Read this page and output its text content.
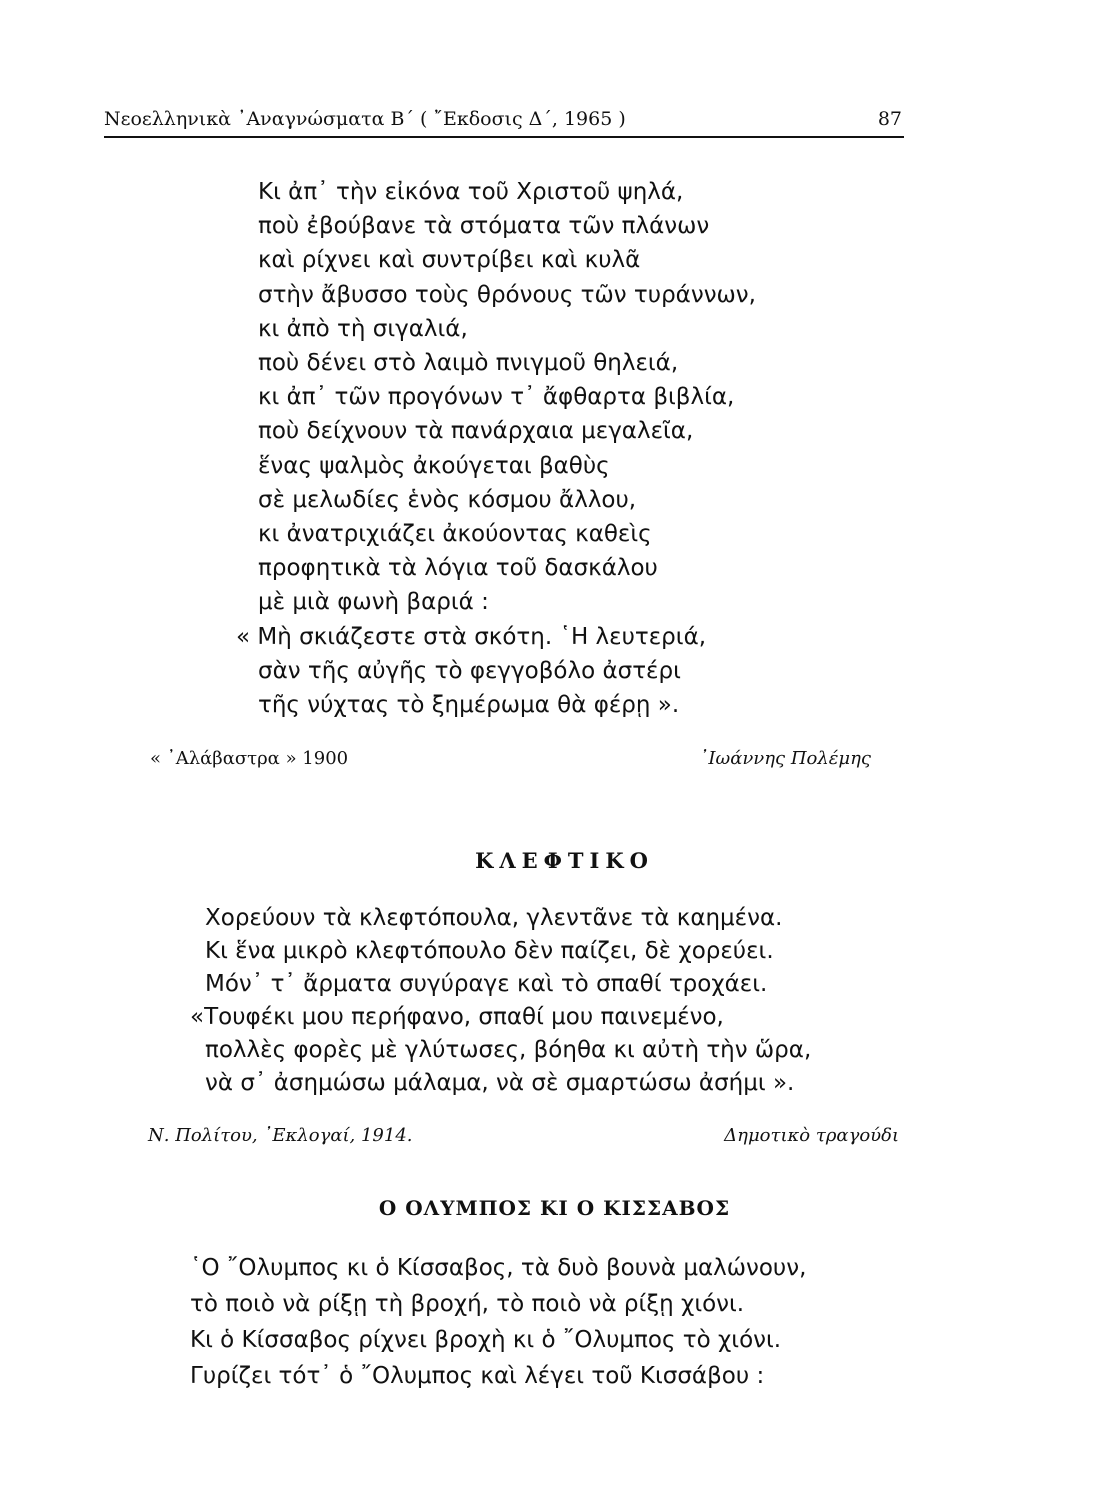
Νεοελληνικὰ ᾿Αναγνώσματα Β΄ ( ῎Εκδοσις Δ΄, 1965 )	87
Κι ἀπ᾿ τὴν εἰκόνα τοῦ Χριστοῦ ψηλά,
ποὺ ἐβούβανε τὰ στόματα τῶν πλάνων
καὶ ρίχνει καὶ συντρίβει καὶ κυλᾶ
στὴν ἄβυσσο τοὺς θρόνους τῶν τυράννων,
κι ἀπὸ τὴ σιγαλιά,
ποὺ δένει στὸ λαιμὸ πνιγμοῦ θηλειά,
κι ἀπ᾿ τῶν προγόνων τ᾿ ἄφθαρτα βιβλία,
ποὺ δείχνουν τὰ πανάρχαια μεγαλεῖα,
ἕνας ψαλμὸς ἀκούγεται βαθὺς
σὲ μελωδίες ἑνὸς κόσμου ἄλλου,
κι ἀνατριχιάζει ἀκούοντας καθεὶς
προφητικὰ τὰ λόγια τοῦ δασκάλου
μὲ μιὰ φωνὴ βαριά :
« Μὴ σκιάζεστε στὰ σκότη. ῾Η λευτεριά,
σὰν τῆς αὐγῆς τὸ φεγγοβόλο ἀστέρι
τῆς νύχτας τὸ ξημέρωμα θὰ φέρῃ ».
« ᾿Αλάβαστρα » 1900	᾿Ιωάννης Πολέμης
ΚΛΕΦΤΙΚΟ
Χορεύουν τὰ κλεφτόπουλα, γλεντᾶνε τὰ καημένα.
Κι ἕνα μικρὸ κλεφτόπουλο δὲν παίζει, δὲ χορεύει.
Μόν᾿ τ᾿ ἄρματα συγύραγε καὶ τὸ σπαθί τροχάει.
«Τουφέκι μου περήφανο, σπαθί μου παινεμένο,
πολλὲς φορὲς μὲ γλύτωσες, βόηθα κι αὐτὴ τὴν ὥρα,
νὰ σ᾿ ἀσημώσω μάλαμα, νὰ σὲ σμαρτώσω ἀσήμι ».
Ν. Πολίτου, ᾿Εκλογαί, 1914.	Δημοτικὸ τραγούδι
Ο ΟΛΥΜΠΟΣ ΚΙ Ο ΚΙΣΣΑΒΟΣ
῾Ο ῎Ολυμπος κι ὁ Κίσσαβος, τὰ δυὸ βουνὰ μαλώνουν,
τὸ ποιὸ νὰ ρίξῃ τὴ βροχή, τὸ ποιὸ νὰ ρίξῃ χιόνι.
Κι ὁ Κίσσαβος ρίχνει βροχὴ κι ὁ ῎Ολυμπος τὸ χιόνι.
Γυρίζει τότ᾿ ὁ ῎Ολυμπος καὶ λέγει τοῦ Κισσάβου :
